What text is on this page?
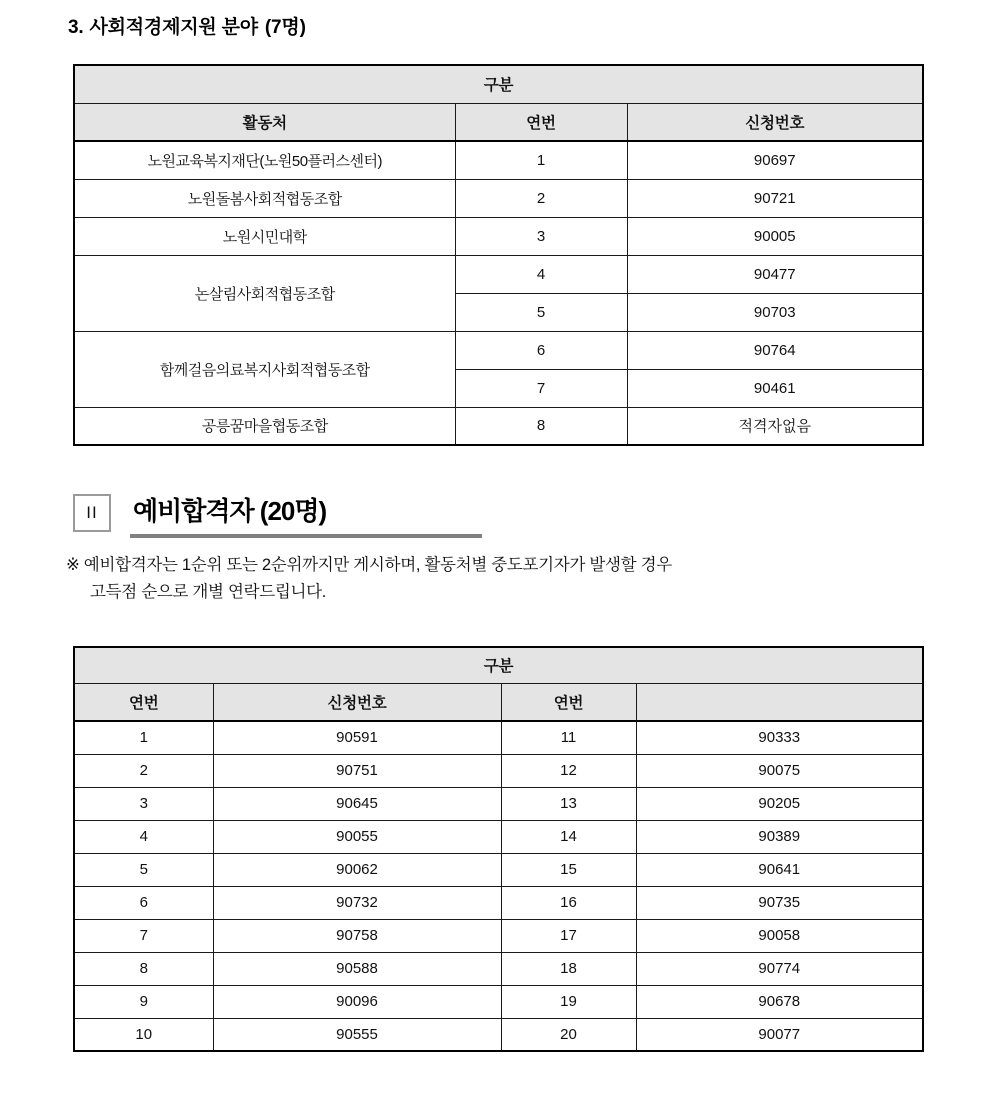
3. 사회적경제지원 분야 (7명)
구분		
활동처	연번	신청번호
노원교육복지재단(노원50플러스센터)	1	90697
노원돌봄사회적협동조합	2	90721
노원시민대학	3	90005
논살림사회적협동조합	4	90477
	5	90703
함께걸음의료복지사회적협동조합	6	90764
	7	90461
공릉꿈마을협동조합	8	적격자없음
II	예비합격자 (20명)
※ 예비합격자는 1순위 또는 2순위까지만 게시하며, 활동처별 중도포기자가 발생할 경우
고득점 순으로 개별 연락드립니다.
구분			
연번	신청번호	연번	
1	90591	11	90333
2	90751	12	90075
3	90645	13	90205
4	90055	14	90389
5	90062	15	90641
6	90732	16	90735
7	90758	17	90058
8	90588	18	90774
9	90096	19	90678
10	90555	20	90077
